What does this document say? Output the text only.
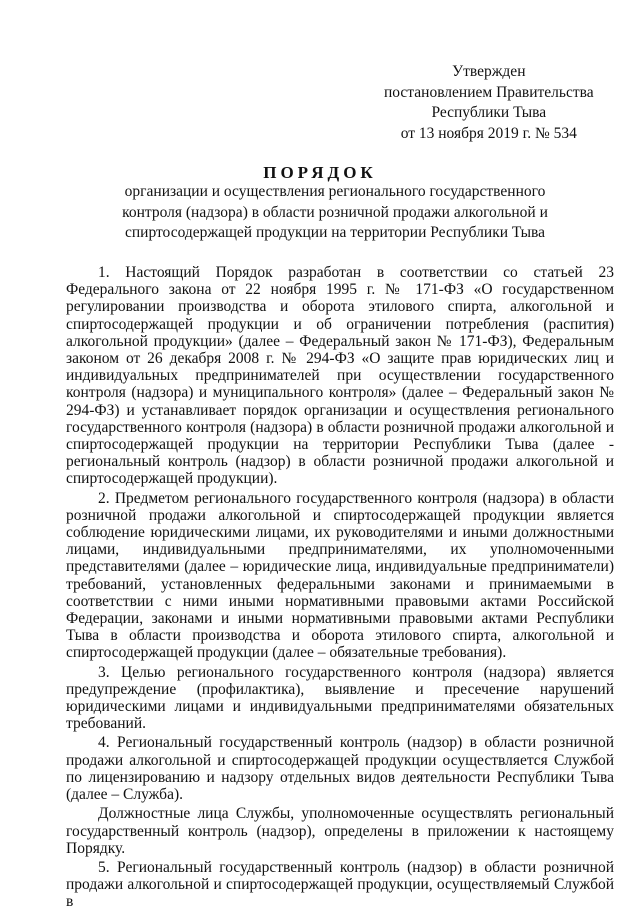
Утвержден
постановлением Правительства
Республики Тыва
от 13 ноября 2019 г. № 534
ПОРЯДОК
организации и осуществления регионального государственного контроля (надзора) в области розничной продажи алкогольной и спиртосодержащей продукции на территории Республики Тыва

1. Настоящий Порядок разработан в соответствии со статьей 23 Федерального закона от 22 ноября 1995 г. № 171-ФЗ «О государственном регулировании производства и оборота этилового спирта, алкогольной и спиртосодержащей продукции и об ограничении потребления (распития) алкогольной продукции» (далее – Федеральный закон № 171-ФЗ), Федеральным законом от 26 декабря 2008 г. № 294-ФЗ «О защите прав юридических лиц и индивидуальных предпринимателей при осуществлении государственного контроля (надзора) и муниципального контроля» (далее – Федеральный закон № 294-ФЗ) и устанавливает порядок организации и осуществления регионального государственного контроля (надзора) в области розничной продажи алкогольной и спиртосодержащей продукции на территории Республики Тыва (далее - региональный контроль (надзор) в области розничной продажи алкогольной и спиртосодержащей продукции).

2. Предметом регионального государственного контроля (надзора) в области розничной продажи алкогольной и спиртосодержащей продукции является соблюдение юридическими лицами, их руководителями и иными должностными лицами, индивидуальными предпринимателями, их уполномоченными представителями (далее – юридические лица, индивидуальные предприниматели) требований, установленных федеральными законами и принимаемыми в соответствии с ними иными нормативными правовыми актами Российской Федерации, законами и иными нормативными правовыми актами Республики Тыва в области производства и оборота этилового спирта, алкогольной и спиртосодержащей продукции (далее – обязательные требования).

3. Целью регионального государственного контроля (надзора) является предупреждение (профилактика), выявление и пресечение нарушений юридическими лицами и индивидуальными предпринимателями обязательных требований.

4. Региональный государственный контроль (надзор) в области розничной продажи алкогольной и спиртосодержащей продукции осуществляется Службой по лицензированию и надзору отдельных видов деятельности Республики Тыва (далее – Служба).

Должностные лица Службы, уполномоченные осуществлять региональный государственный контроль (надзор), определены в приложении к настоящему Порядку.

5. Региональный государственный контроль (надзор) в области розничной продажи алкогольной и спиртосодержащей продукции, осуществляемый Службой в
